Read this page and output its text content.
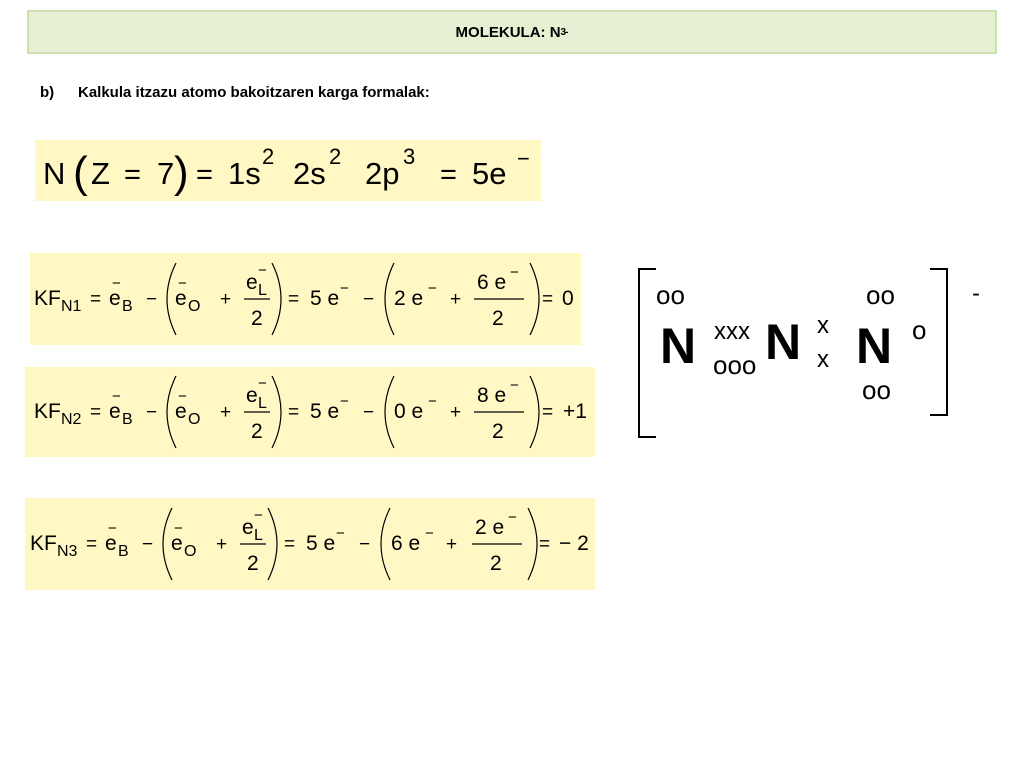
MOLEKULA: N 3 -
b) Kalkula itzazu atomo bakoitzaren karga formalak:
N ( Z = 7 ) = 1s 2 2s 2 2p 3
= 5e −
KF N1 = e
−
B − e
−
O +
e L
−
2
= 5 e −
− 2 e −
+
6 e −
2
= 0
KF N2 = e
−
B − e
−
O +
e L
−
2
= 5 e −
− 0 e −
+
8 e −
2
= +1
KF N3 = e
−
B − e
−
O +
e L
−
2
= 5 e −
− 6 e −
+
2 e −
2
= − 2
-
oo	oo
N xxx
ooo N x
x N o
oo
